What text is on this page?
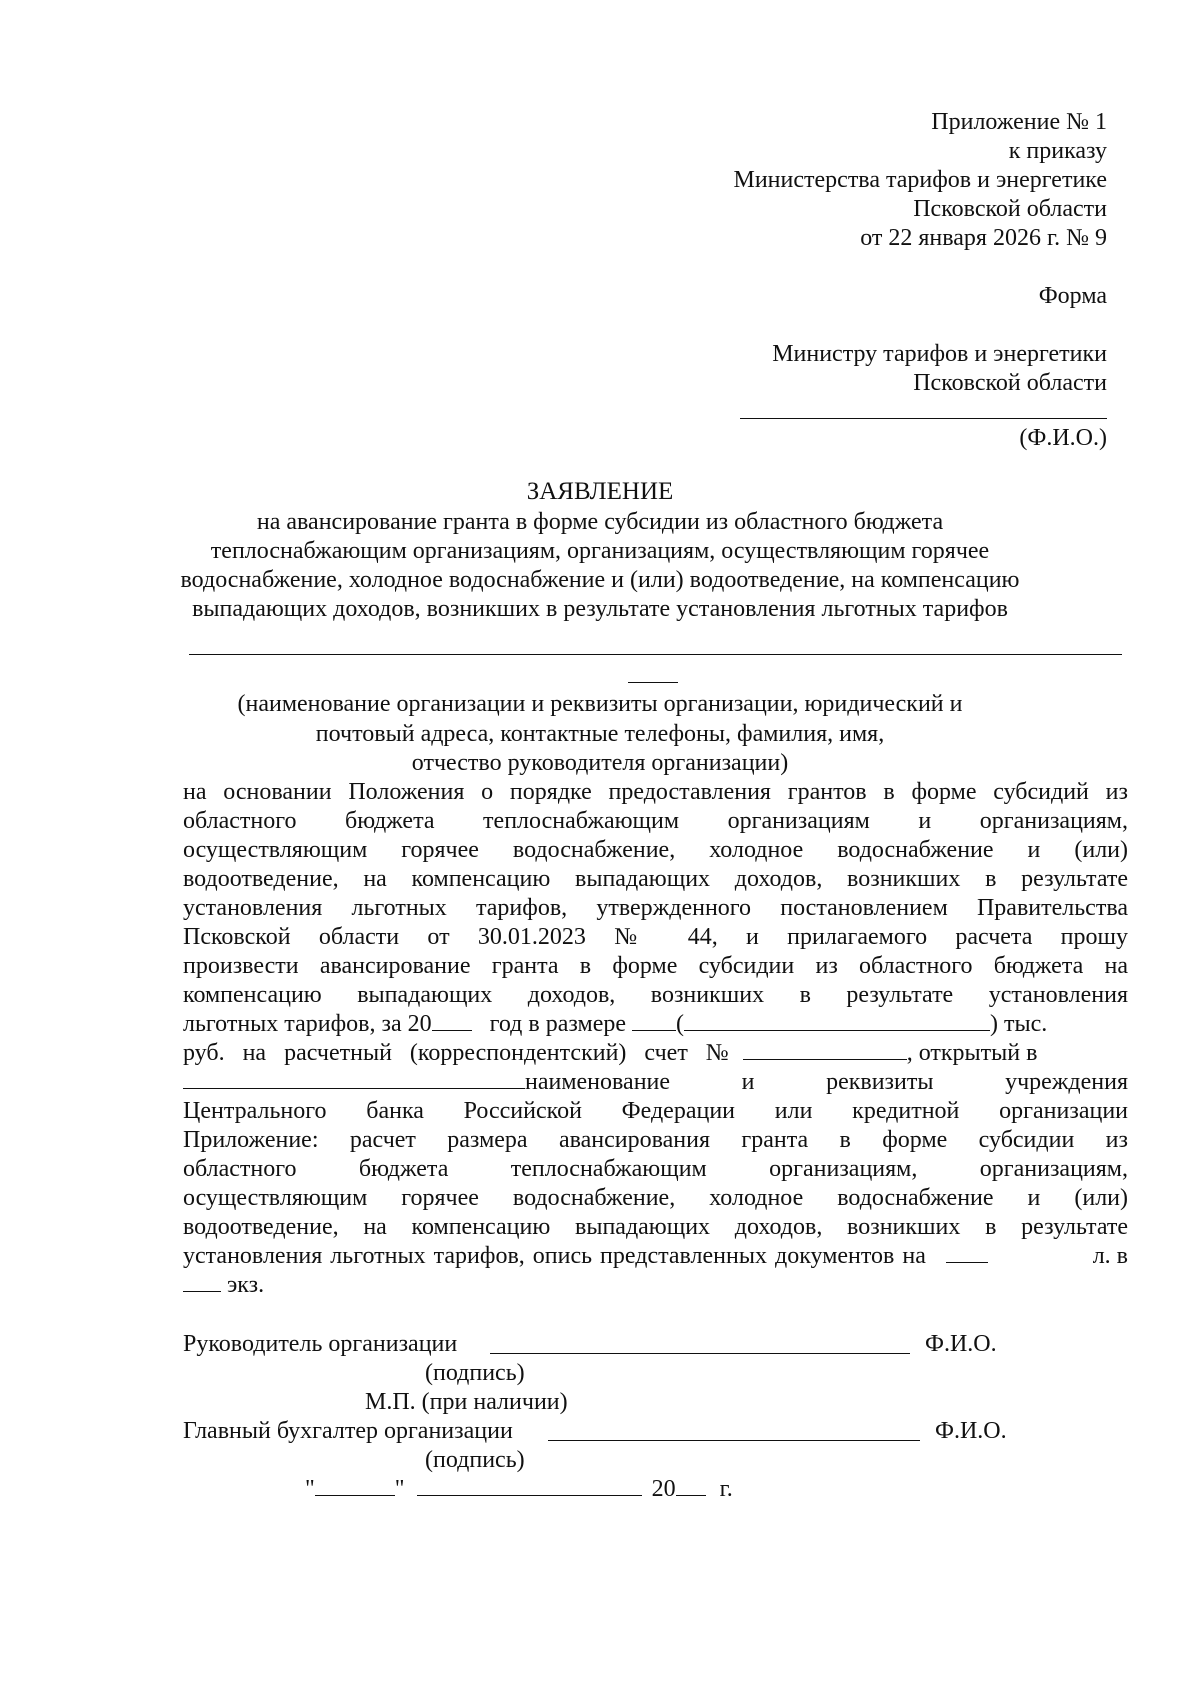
Приложение № 1
к приказу
Министерства тарифов и энергетике
Псковской области
от 22 января 2026 г. № 9
Форма
Министру тарифов и энергетики
Псковской области
(Ф.И.О.)
ЗАЯВЛЕНИЕ
на авансирование гранта в форме субсидии из областного бюджета
теплоснабжающим организациям, организациям, осуществляющим горячее
водоснабжение, холодное водоснабжение и (или) водоотведение, на компенсацию
выпадающих доходов, возникших в результате установления льготных тарифов
(наименование организации и реквизиты организации, юридический и
почтовый адреса, контактные телефоны, фамилия, имя,
отчество руководителя организации)
на основании Положения о порядке предоставления грантов в форме субсидий из
областного бюджета теплоснабжающим организациям и организациям,
осуществляющим горячее водоснабжение, холодное водоснабжение и (или)
водоотведение, на компенсацию выпадающих доходов, возникших в результате
установления льготных тарифов, утвержденного постановлением Правительства
Псковской области от 30.01.2023 № 44, и прилагаемого расчета прошу
произвести авансирование гранта в форме субсидии из областного бюджета на
компенсацию выпадающих доходов, возникших в результате установления
льготных тарифов, за 20 год в размере (	) тыс.
руб. на расчетный (корреспондентский) счет №	, открытый в
наименование и реквизиты учреждения
Центрального банка Российской Федерации или кредитной организации
Приложение: расчет размера авансирования гранта в форме субсидии из
областного бюджета теплоснабжающим организациям, организациям,
осуществляющим горячее водоснабжение, холодное водоснабжение и (или)
водоотведение, на компенсацию выпадающих доходов, возникших в результате
установления льготных тарифов, опись представленных документов на	л. в
экз.
Руководитель организации	Ф.И.О.
(подпись)
М.П. (при наличии)
Главный бухгалтер организации	Ф.И.О.
(подпись)
"	"	20 г.
